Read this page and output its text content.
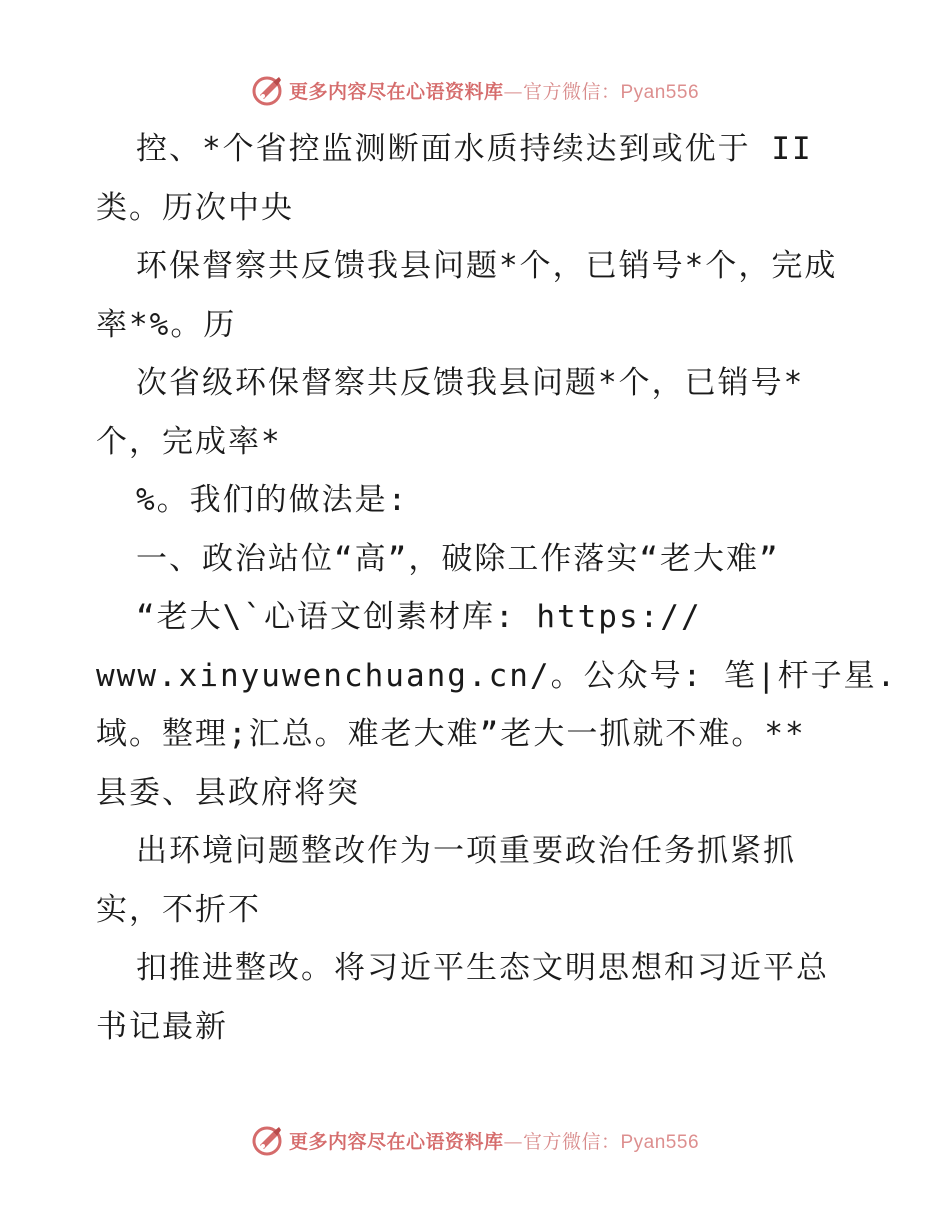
更多内容尽在心语资料库—官方微信：Pyan556
控、*个省控监测断面水质持续达到或优于 II
类。历次中央
环保督察共反馈我县问题*个，已销号*个，完成
率*%。历
次省级环保督察共反馈我县问题*个，已销号*
个，完成率*
%。我们的做法是:
一、政治站位“高”，破除工作落实“老大难”
“老大\`心语文创素材库: https://
www.xinyuwenchuang.cn/。公众号: 笔|杆子星.
域。整理;汇总。难老大难”老大一抓就不难。**
县委、县政府将突
出环境问题整改作为一项重要政治任务抓紧抓
实，不折不
扣推进整改。将习近平生态文明思想和习近平总
书记最新
更多内容尽在心语资料库—官方微信：Pyan556
